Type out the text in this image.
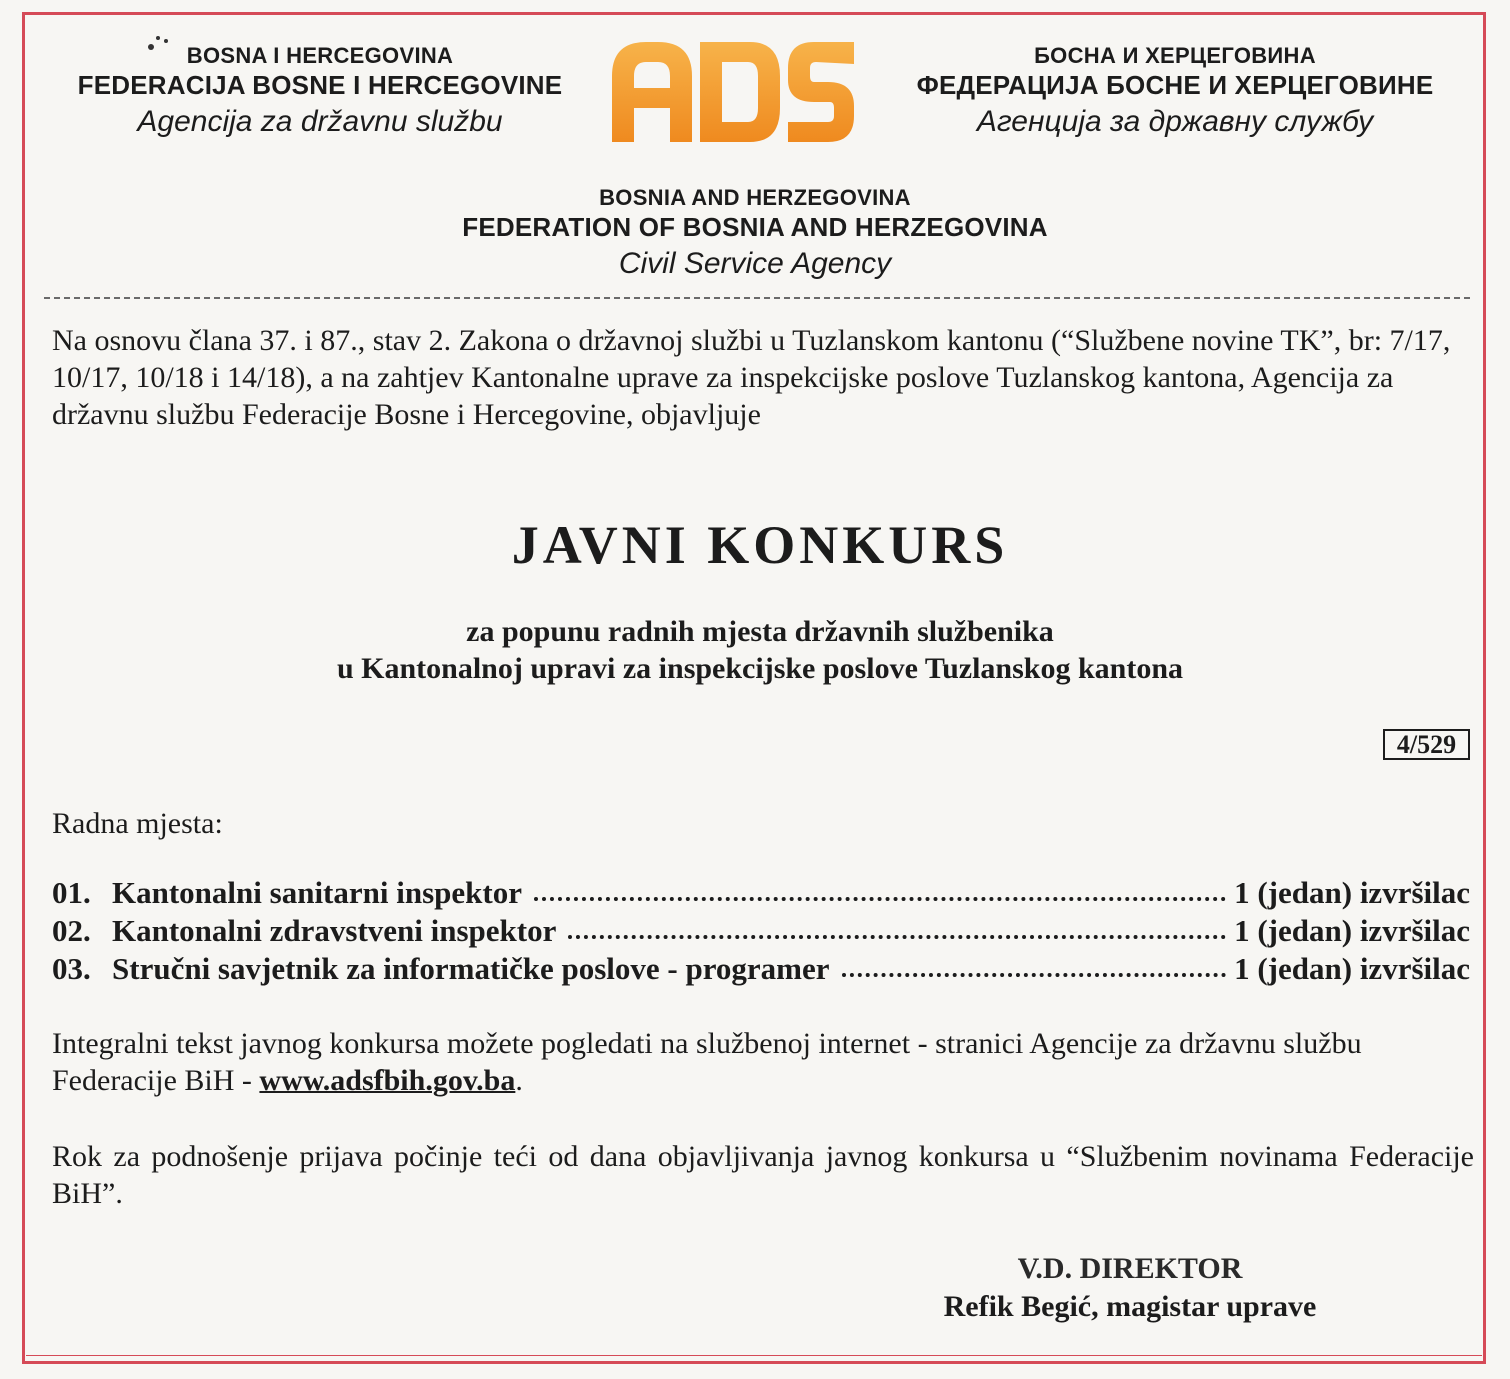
BOSNA I HERCEGOVINA
FEDERACIJA BOSNE I HERCEGOVINE
Agencija za državnu službu
ADS
БОСНА И ХЕРЦЕГОВИНА
ФЕДЕРАЦИЈА БОСНЕ И ХЕРЦЕГОВИНЕ
Агенција за државну службу
BOSNIA AND HERZEGOVINA
FEDERATION OF BOSNIA AND HERZEGOVINA
Civil Service Agency
Na osnovu člana 37. i 87., stav 2. Zakona o državnoj službi u Tuzlanskom kantonu (“Službene novine TK”, br: 7/17, 10/17, 10/18 i 14/18), a na zahtjev Kantonalne uprave za inspekcijske poslove Tuzlanskog kantona, Agencija za državnu službu Federacije Bosne i Hercegovine, objavljuje
JAVNI KONKURS
za popunu radnih mjesta državnih službenika
u Kantonalnoj upravi za inspekcijske poslove Tuzlanskog kantona
4/529
Radna mjesta:
01. Kantonalni sanitarni inspektor	1 (jedan) izvršilac
02. Kantonalni zdravstveni inspektor	1 (jedan) izvršilac
03. Stručni savjetnik za informatičke poslove - programer	1 (jedan) izvršilac
Integralni tekst javnog konkursa možete pogledati na službenoj internet - stranici Agencije za državnu službu Federacije BiH - www.adsfbih.gov.ba.
Rok za podnošenje prijava počinje teći od dana objavljivanja javnog konkursa u “Službenim novinama Federacije BiH”.
V.D. DIREKTOR
Refik Begić, magistar uprave
